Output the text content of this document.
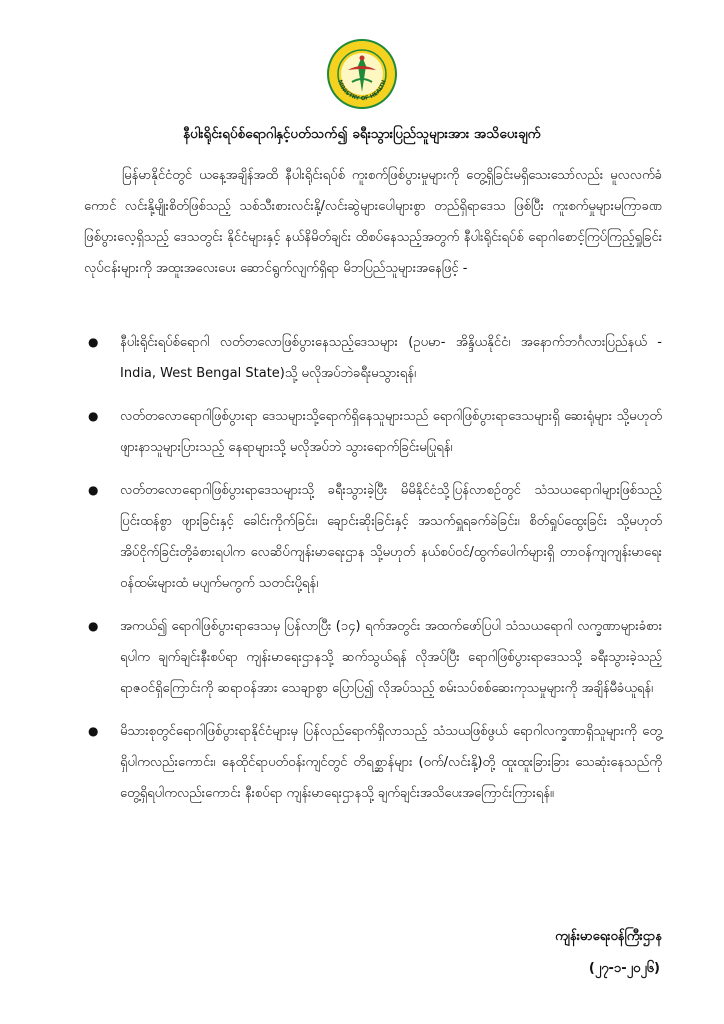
MINISTRY OF HEALTH
နီပါးရိုင်းရပ်စ်ရောဂါနှင့်ပတ်သက်၍ ခရီးသွားပြည်သူများအား အသိပေးချက်

မြန်မာနိုင်ငံတွင် ယနေ့အချိန်အထိ နီပါးရိုင်းရပ်စ် ကူးစက်ဖြစ်ပွားမှုများကို တွေ့ရှိခြင်းမရှိသေးသော်လည်း မူလလက်ခံကောင် လင်းနို့မျိုးစိတ်ဖြစ်သည့် သစ်သီးစားလင်းနို့/လင်းဆွဲများပေါများစွာ တည်ရှိရာဒေသ ဖြစ်ပြီး ကူးစက်မှုများမကြာခဏဖြစ်ပွားလေ့ရှိသည့် ဒေသတွင်း နိုင်ငံများနှင့် နယ်နိမိတ်ချင်း ထိစပ်နေသည့်အတွက် နီပါးရိုင်းရပ်စ် ရောဂါစောင့်ကြပ်ကြည့်ရှုခြင်းလုပ်ငန်းများကို အထူးအလေးပေး ဆောင်ရွက်လျက်ရှိရာ မိဘပြည်သူများအနေဖြင့် -

● နီပါးရိုင်းရပ်စ်ရောဂါ လတ်တလောဖြစ်ပွားနေသည့်ဒေသများ (ဥပမာ- အိန္ဒိယနိုင်ငံ၊ အနောက်ဘင်္ဂလားပြည်နယ် - India, West Bengal State)သို့ မလိုအပ်ဘဲခရီးမသွားရန်၊
● လတ်တလောရောဂါဖြစ်ပွားရာ ဒေသများသို့ရောက်ရှိနေသူများသည် ရောဂါဖြစ်ပွားရာဒေသများရှိ ဆေးရုံများ သို့မဟုတ် ဖျားနာသူများပြားသည့် နေရာများသို့ မလိုအပ်ဘဲ သွားရောက်ခြင်းမပြုရန်၊
● လတ်တလောရောဂါဖြစ်ပွားရာဒေသများသို့ ခရီးသွားခဲ့ပြီး မိမိနိုင်ငံသို့ပြန်လာစဉ်တွင် သံသယရောဂါများဖြစ်သည့် ပြင်းထန်စွာ ဖျားခြင်းနှင့် ခေါင်းကိုက်ခြင်း၊ ချောင်းဆိုးခြင်းနှင့် အသက်ရှူရခက်ခဲခြင်း၊ စိတ်ရှုပ်ထွေးခြင်း သို့မဟုတ် အိပ်ငိုက်ခြင်းတို့ခံစားရပါက လေဆိပ်ကျန်းမာရေးဌာန သို့မဟုတ် နယ်စပ်ဝင်/ထွက်ပေါက်များရှိ တာဝန်ကျကျန်းမာရေးဝန်ထမ်းများထံ မပျက်မကွက် သတင်းပို့ရန်၊
● အကယ်၍ ရောဂါဖြစ်ပွားရာဒေသမှ ပြန်လာပြီး (၁၄) ရက်အတွင်း အထက်ဖော်ပြပါ သံသယရောဂါ လက္ခဏာများခံစားရပါက ချက်ချင်းနီးစပ်ရာ ကျန်းမာရေးဌာနသို့ ဆက်သွယ်ရန် လိုအပ်ပြီး ရောဂါဖြစ်ပွားရာဒေသသို့ ခရီးသွားခဲ့သည့်ရာဇဝင်ရှိကြောင်းကို ဆရာဝန်အား သေချာစွာ ပြောပြ၍ လိုအပ်သည့် စမ်းသပ်စစ်ဆေးကုသမှုများကို အချိန်မီခံယူရန်၊
● မိသားစုတွင်ရောဂါဖြစ်ပွားရာနိုင်ငံများမှ ပြန်လည်ရောက်ရှိလာသည့် သံသယဖြစ်ဖွယ် ရောဂါလက္ခဏာရှိသူများကို တွေ့ရှိပါကလည်းကောင်း၊ နေထိုင်ရာပတ်ဝန်းကျင်တွင် တိရစ္ဆာန်များ (ဝက်/လင်းနို့)တို့ ထူးထူးခြားခြား သေဆုံးနေသည်ကိုတွေ့ရှိရပါကလည်းကောင်း နီးစပ်ရာ ကျန်းမာရေးဌာနသို့ ချက်ချင်းအသိပေးအကြောင်းကြားရန်။
ကျန်းမာရေးဝန်ကြီးဌာန
(၂၇-၁-၂၀၂၆)
